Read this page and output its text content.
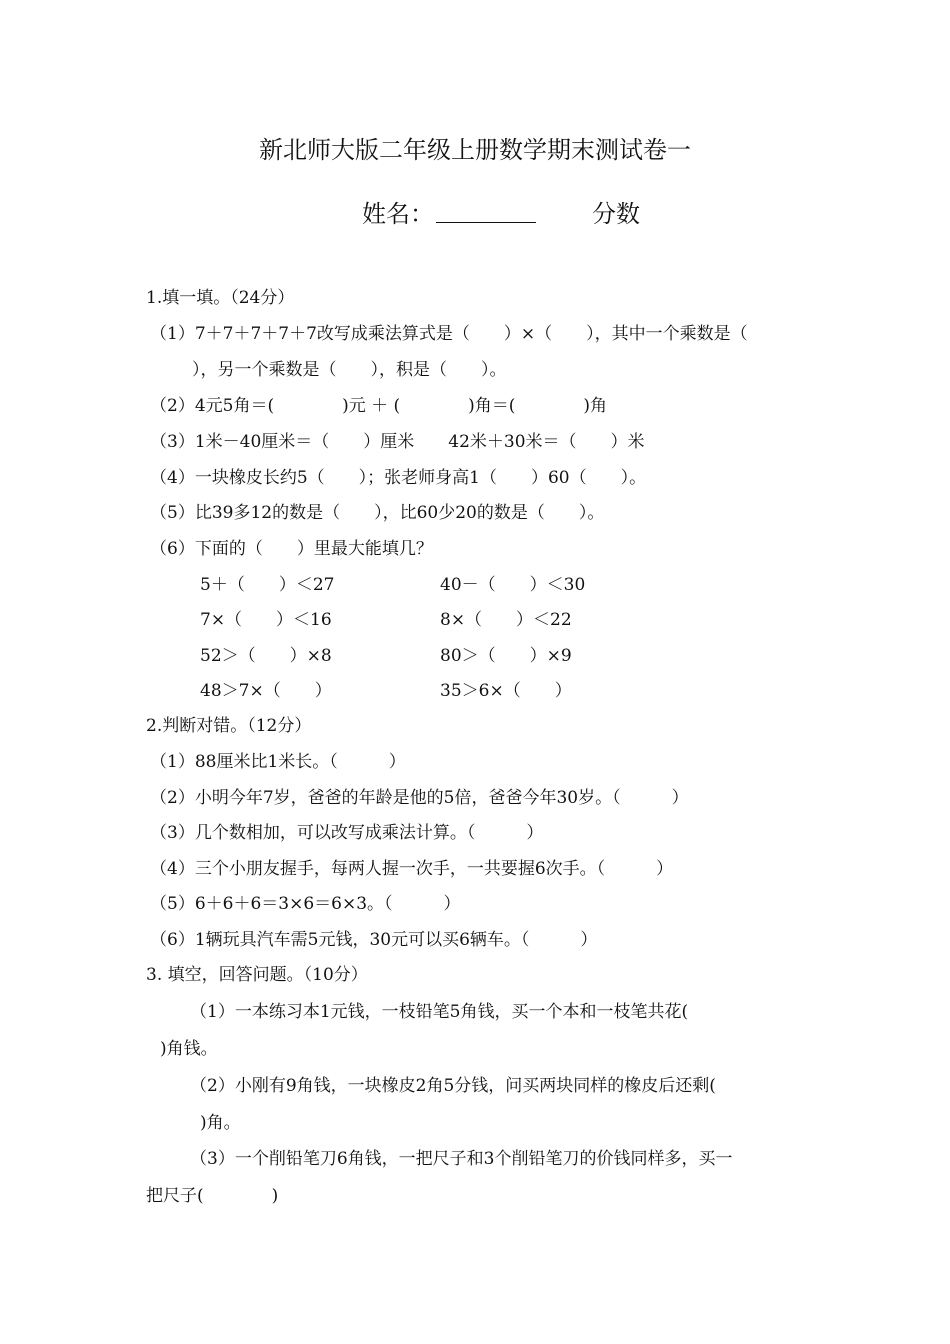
新北师大版二年级上册数学期末测试卷一
姓名：	分数

1.填一填。（24分）

（1）7＋7＋7＋7＋7改写成乘法算式是（　　）×（　　），其中一个乘数是（

），另一个乘数是（　　），积是（　　）。

（2）4元5角＝(　　　　)元 ＋ (　　　　)角＝(　　　　)角

（3）1米－40厘米＝（　　）厘米　　42米＋30米＝（　　）米

（4）一块橡皮长约5（　　）；张老师身高1（　　）60（　　）。

（5）比39多12的数是（　　），比60少20的数是（　　）。

（6）下面的（　　）里最大能填几？

5＋（　　）＜27

7×（　　）＜16

52＞（　　）×8

48＞7×（　　）

40－（　　）＜30

8×（　　）＜22

80＞（　　）×9

35＞6×（　　）

2.判断对错。（12分）

（1）88厘米比1米长。（　　　）

（2）小明今年7岁，爸爸的年龄是他的5倍，爸爸今年30岁。（　　　）

（3）几个数相加，可以改写成乘法计算。（　　　）

（4）三个小朋友握手，每两人握一次手，一共要握6次手。（　　　）

（5）6＋6＋6＝3×6＝6×3。（　　　）

（6）1辆玩具汽车需5元钱，30元可以买6辆车。（　　　）

3. 填空，回答问题。（10分）

（1）一本练习本1元钱，一枝铅笔5角钱，买一个本和一枝笔共花(

)角钱。

（2）小刚有9角钱，一块橡皮2角5分钱，问买两块同样的橡皮后还剩(

)角。

（3）一个削铅笔刀6角钱，一把尺子和3个削铅笔刀的价钱同样多，买一

把尺子(　　　　)
